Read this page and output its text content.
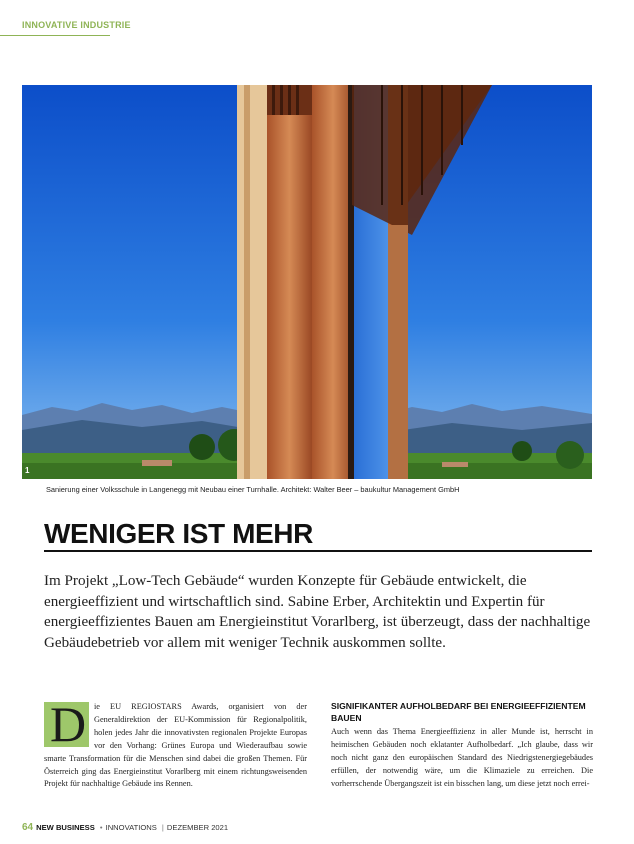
INNOVATIVE INDUSTRIE
1
Sanierung einer Volksschule in Langenegg mit Neubau einer Turnhalle. Architekt: Walter Beer – baukultur Management GmbH
WENIGER IST MEHR
Im Projekt „Low-Tech Gebäude“ wurden Konzepte für Gebäude entwickelt, die energieeffizient und wirtschaftlich sind. Sabine Erber, Architektin und Expertin für energieeffizientes Bauen am Energieinstitut Vorarlberg, ist überzeugt, dass der nachhaltige Gebäudebetrieb vor allem mit weniger Technik auskommen sollte.
D ie EU REGIOSTARS Awards, organisiert von der Generaldirektion der EU-Kommission für Regionalpolitik, holen jedes Jahr die innovativsten regionalen Projekte Europas vor den Vorhang: Grünes Europa und Wiederaufbau sowie smarte Transformation für die Menschen sind dabei die großen Themen. Für Österreich ging das Energieinstitut Vorarlberg mit einem richtungsweisenden Projekt für nachhaltige Gebäude ins Rennen.
SIGNIFIKANTER AUFHOLBEDARF BEI ENERGIEEFFIZIENTEM BAUEN

Auch wenn das Thema Energieeffizienz in aller Munde ist, herrscht in heimischen Gebäuden noch eklatanter Aufholbedarf. „Ich glaube, dass wir noch nicht ganz den europäischen Standard des Niedrigstenergiegebäudes erfüllen, der notwendig wäre, um die Klimaziele zu erreichen. Die vorherrschende Übergangszeit ist ein bisschen lang, um diese jetzt noch errei-

64 NEW BUSINESS • INNOVATIONS | DEZEMBER 2021
